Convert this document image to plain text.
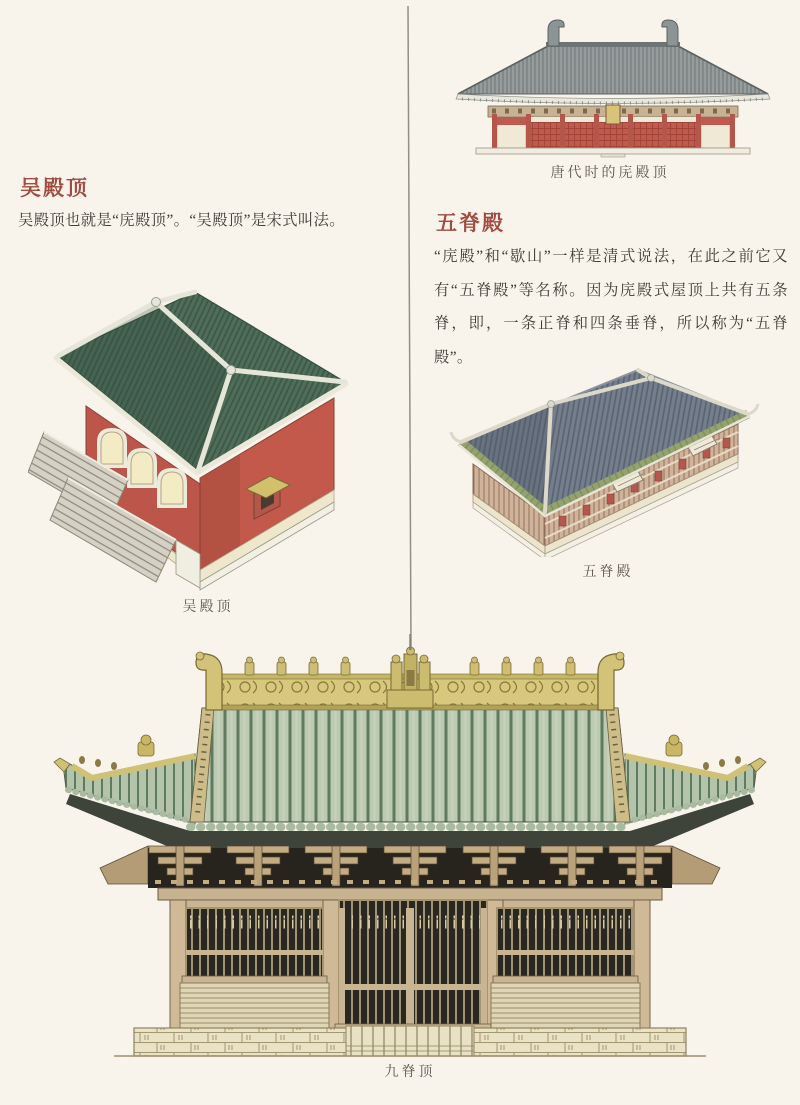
唐代时的庑殿顶
吴殿顶
吴殿顶也就是“庑殿顶”。“吴殿顶”是宋式叫法。	五脊殿
“庑殿”和“歇山”一样是清式说法，在此之前它又有“五脊殿”等名称。因为庑殿式屋顶上共有五条脊，即，一条正脊和四条垂脊，所以称为“五脊殿”。
吴殿顶
五脊殿
九脊顶
